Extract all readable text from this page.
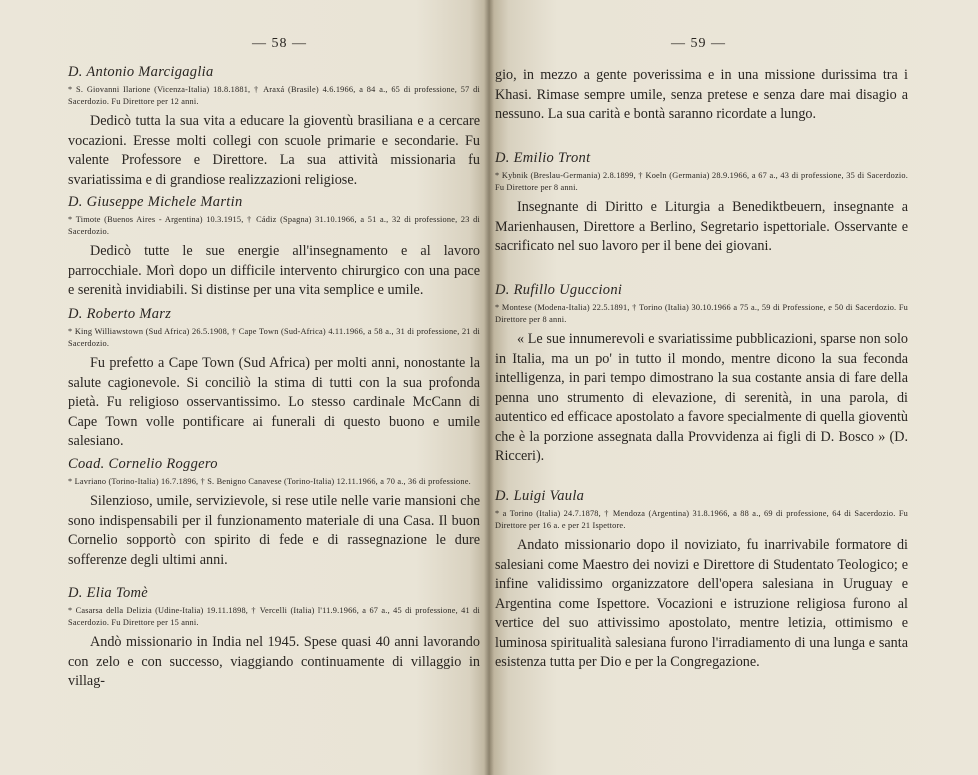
— 58 —

D. Antonio Marcigaglia

* S. Giovanni Ilarione (Vicenza-Italia) 18.8.1881, † Araxá (Brasile) 4.6.1966, a 84 a., 65 di professione, 57 di Sacerdozio. Fu Direttore per 12 anni.

Dedicò tutta la sua vita a educare la gioventù brasiliana e a cercare vocazioni. Eresse molti collegi con scuole primarie e secondarie. Fu valente Professore e Direttore. La sua attività missionaria fu svariatissima e di grandiose realizzazioni religiose.

D. Giuseppe Michele Martin

* Timote (Buenos Aires - Argentina) 10.3.1915, † Cádiz (Spagna) 31.10.1966, a 51 a., 32 di professione, 23 di Sacerdozio.

Dedicò tutte le sue energie all'insegnamento e al lavoro parrocchiale. Morì dopo un difficile intervento chirurgico con una pace e serenità invidiabili. Si distinse per una vita semplice e umile.

D. Roberto Marz

* King Williawstown (Sud Africa) 26.5.1908, † Cape Town (Sud-Africa) 4.11.1966, a 58 a., 31 di professione, 21 di Sacerdozio.

Fu prefetto a Cape Town (Sud Africa) per molti anni, nonostante la salute cagionevole. Si conciliò la stima di tutti con la sua profonda pietà. Fu religioso osservantissimo. Lo stesso cardinale McCann di Cape Town volle pontificare ai funerali di questo buono e umile salesiano.

Coad. Cornelio Roggero

* Lavriano (Torino-Italia) 16.7.1896, † S. Benigno Canavese (Torino-Italia) 12.11.1966, a 70 a., 36 di professione.

Silenzioso, umile, servizievole, si rese utile nelle varie mansioni che sono indispensabili per il funzionamento materiale di una Casa. Il buon Cornelio sopportò con spirito di fede e di rassegnazione le dure sofferenze degli ultimi anni.

D. Elia Tomè

* Casarsa della Delizia (Udine-Italia) 19.11.1898, † Vercelli (Italia) l'11.9.1966, a 67 a., 45 di professione, 41 di Sacerdozio. Fu Direttore per 15 anni.

Andò missionario in India nel 1945. Spese quasi 40 anni lavorando con zelo e con successo, viaggiando continuamente di villaggio in villag-

— 59 —

gio, in mezzo a gente poverissima e in una missione durissima tra i Khasi. Rimase sempre umile, senza pretese e senza dare mai disagio a nessuno. La sua carità e bontà saranno ricordate a lungo.

D. Emilio Tront

* Kybnik (Breslau-Germania) 2.8.1899, † Koeln (Germania) 28.9.1966, a 67 a., 43 di professione, 35 di Sacerdozio. Fu Direttore per 8 anni.

Insegnante di Diritto e Liturgia a Benediktbeuern, insegnante a Marienhausen, Direttore a Berlino, Segretario ispettoriale. Osservante e sacrificato nel suo lavoro per il bene dei giovani.

D. Rufillo Uguccioni

* Montese (Modena-Italia) 22.5.1891, † Torino (Italia) 30.10.1966 a 75 a., 59 di Professione, e 50 di Sacerdozio. Fu Direttore per 8 anni.

« Le sue innumerevoli e svariatissime pubblicazioni, sparse non solo in Italia, ma un po' in tutto il mondo, mentre dicono la sua feconda intelligenza, in pari tempo dimostrano la sua costante ansia di fare della penna uno strumento di elevazione, di serenità, in una parola, di autentico ed efficace apostolato a favore specialmente di quella gioventù che è la porzione assegnata dalla Provvidenza ai figli di D. Bosco » (D. Ricceri).

D. Luigi Vaula

* a Torino (Italia) 24.7.1878, † Mendoza (Argentina) 31.8.1966, a 88 a., 69 di professione, 64 di Sacerdozio. Fu Direttore per 16 a. e per 21 Ispettore.

Andato missionario dopo il noviziato, fu inarrivabile formatore di salesiani come Maestro dei novizi e Direttore di Studentato Teologico; e infine validissimo organizzatore dell'opera salesiana in Uruguay e Argentina come Ispettore. Vocazioni e istruzione religiosa furono al vertice del suo attivissimo apostolato, mentre letizia, ottimismo e luminosa spiritualità salesiana furono l'irradiamento di una lunga e santa esistenza tutta per Dio e per la Congregazione.
